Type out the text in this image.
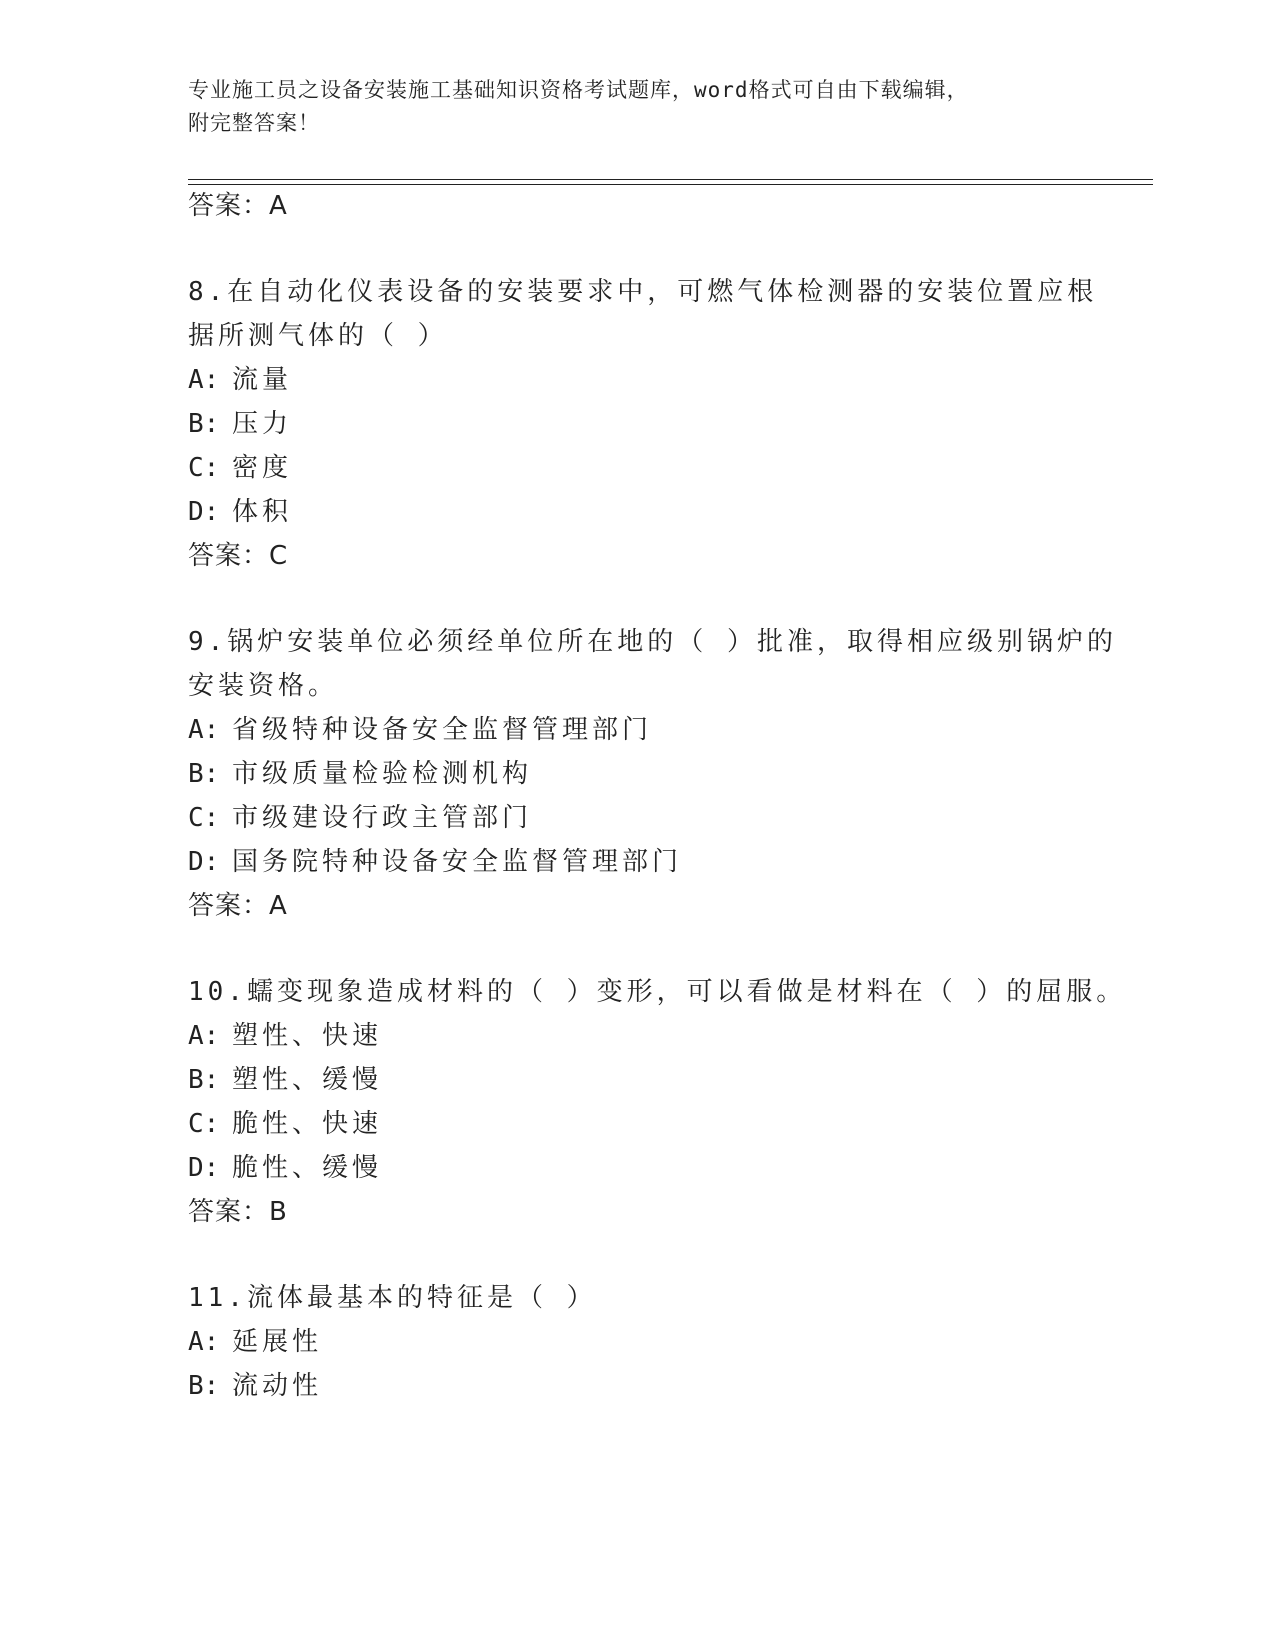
专业施工员之设备安装施工基础知识资格考试题库，word格式可自由下载编辑，
附完整答案！
答案：A
8.在自动化仪表设备的安装要求中，可燃气体检测器的安装位置应根
据所测气体的（ ）
A: 流量
B: 压力
C: 密度
D: 体积
答案：C
9.锅炉安装单位必须经单位所在地的（ ）批准，取得相应级别锅炉的
安装资格。
A: 省级特种设备安全监督管理部门
B: 市级质量检验检测机构
C: 市级建设行政主管部门
D: 国务院特种设备安全监督管理部门
答案：A
10.蠕变现象造成材料的（ ）变形，可以看做是材料在（ ）的屈服。
A: 塑性、快速
B: 塑性、缓慢
C: 脆性、快速
D: 脆性、缓慢
答案：B
11.流体最基本的特征是（ ）
A: 延展性
B: 流动性
